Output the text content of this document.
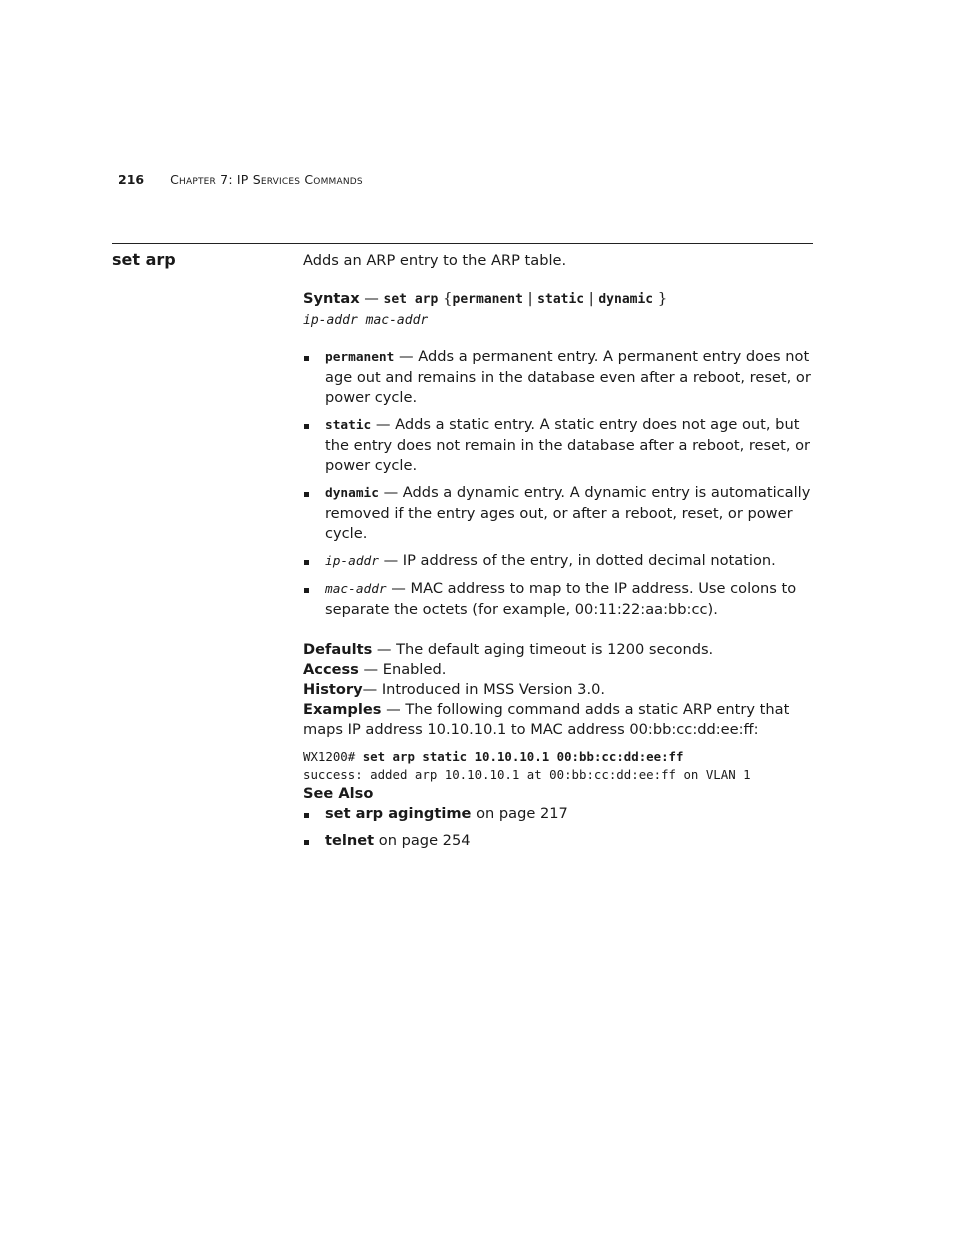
216 Chapter 7: IP Services Commands
set arp	Adds an ARP entry to the ARP table.

Syntax — set arp {permanent | static | dynamic }
ip-addr mac-addr

permanent — Adds a permanent entry. A permanent entry does not age out and remains in the database even after a reboot, reset, or power cycle.
static — Adds a static entry. A static entry does not age out, but the entry does not remain in the database after a reboot, reset, or power cycle.
dynamic — Adds a dynamic entry. A dynamic entry is automatically removed if the entry ages out, or after a reboot, reset, or power cycle.
ip-addr — IP address of the entry, in dotted decimal notation.
mac-addr — MAC address to map to the IP address. Use colons to separate the octets (for example, 00:11:22:aa:bb:cc).

Defaults — The default aging timeout is 1200 seconds.

Access — Enabled.

History— Introduced in MSS Version 3.0.

Examples — The following command adds a static ARP entry that maps IP address 10.10.10.1 to MAC address 00:bb:cc:dd:ee:ff:

WX1200# set arp static 10.10.10.1 00:bb:cc:dd:ee:ff
success: added arp 10.10.10.1 at 00:bb:cc:dd:ee:ff on VLAN 1

See Also

set arp agingtime on page 217
telnet on page 254
